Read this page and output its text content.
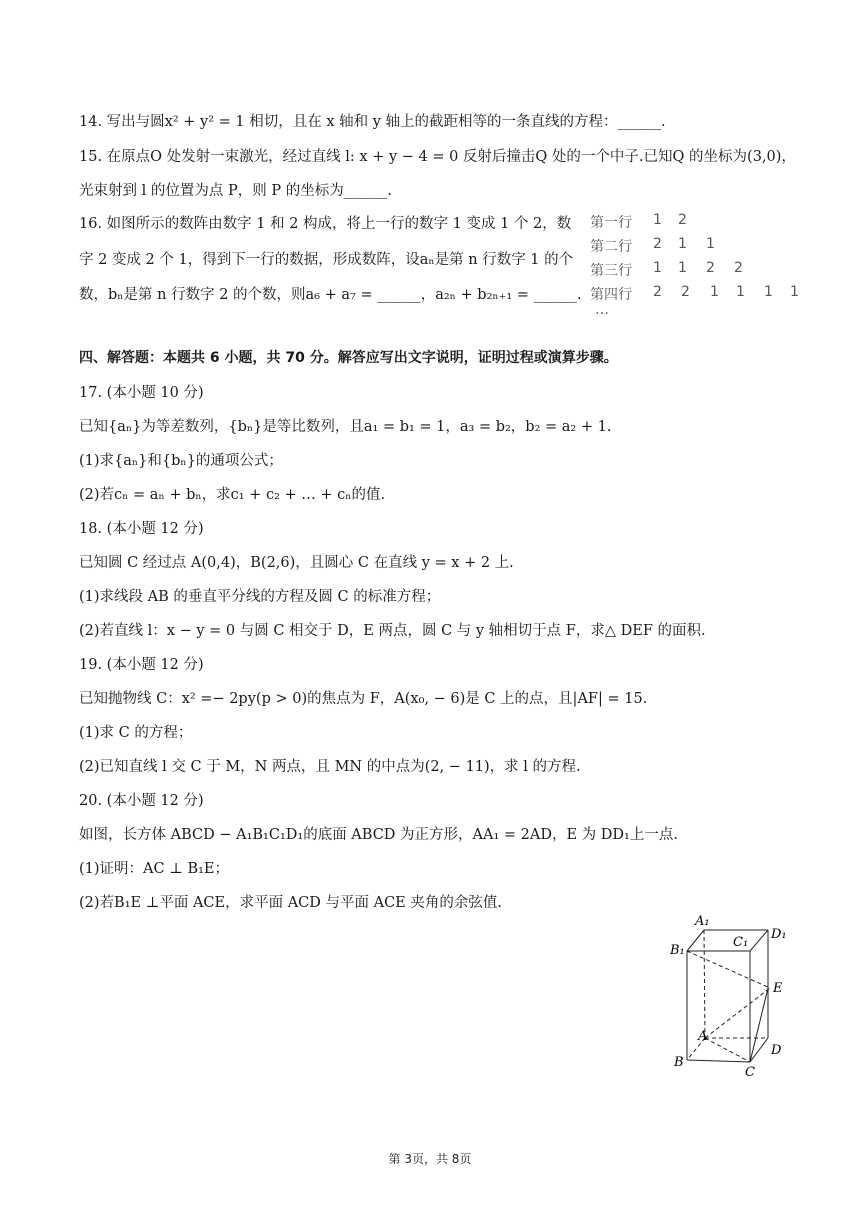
14. 写出与圆x² + y² = 1 相切，且在 x 轴和 y 轴上的截距相等的一条直线的方程：______.
15. 在原点O 处发射一束激光，经过直线 l: x + y − 4 = 0 反射后撞击Q 处的一个中子.已知Q 的坐标为(3,0)，
光束射到 l 的位置为点 P，则 P 的坐标为______.
16. 如图所示的数阵由数字 1 和 2 构成，将上一行的数字 1 变成 1 个 2，数
字 2 变成 2 个 1，得到下一行的数据，形成数阵，设aₙ是第 n 行数字 1 的个
数，bₙ是第 n 行数字 2 的个数，则a₆ + a₇ = ______，a₂ₙ + b₂ₙ₊₁ = ______.
第一行 1 2
第二行 2 1 1
第三行 1 1 2 2
第四行 2 2 1 1 1 1
…
四、解答题：本题共 6 小题，共 70 分。解答应写出文字说明，证明过程或演算步骤。
17. (本小题 10 分)
已知{aₙ}为等差数列，{bₙ}是等比数列，且a₁ = b₁ = 1，a₃ = b₂，b₂ = a₂ + 1.
(1)求{aₙ}和{bₙ}的通项公式；
(2)若cₙ = aₙ + bₙ，求c₁ + c₂ + … + cₙ的值.
18. (本小题 12 分)
已知圆 C 经过点 A(0,4)，B(2,6)，且圆心 C 在直线 y = x + 2 上.
(1)求线段 AB 的垂直平分线的方程及圆 C 的标准方程；
(2)若直线 l：x − y = 0 与圆 C 相交于 D，E 两点，圆 C 与 y 轴相切于点 F，求△ DEF 的面积.
19. (本小题 12 分)
已知抛物线 C：x² =− 2py(p > 0)的焦点为 F，A(x₀, − 6)是 C 上的点，且|AF| = 15.
(1)求 C 的方程；
(2)已知直线 l 交 C 于 M，N 两点，且 MN 的中点为(2, − 11)，求 l 的方程.
20. (本小题 12 分)
如图，长方体 ABCD − A₁B₁C₁D₁的底面 ABCD 为正方形，AA₁ = 2AD，E 为 DD₁上一点.
(1)证明：AC ⊥ B₁E；
(2)若B₁E ⊥平面 ACE，求平面 ACD 与平面 ACE 夹角的余弦值.
A₁
C₁
D₁
B₁
E
A
D
B
C
第 3页，共 8页
